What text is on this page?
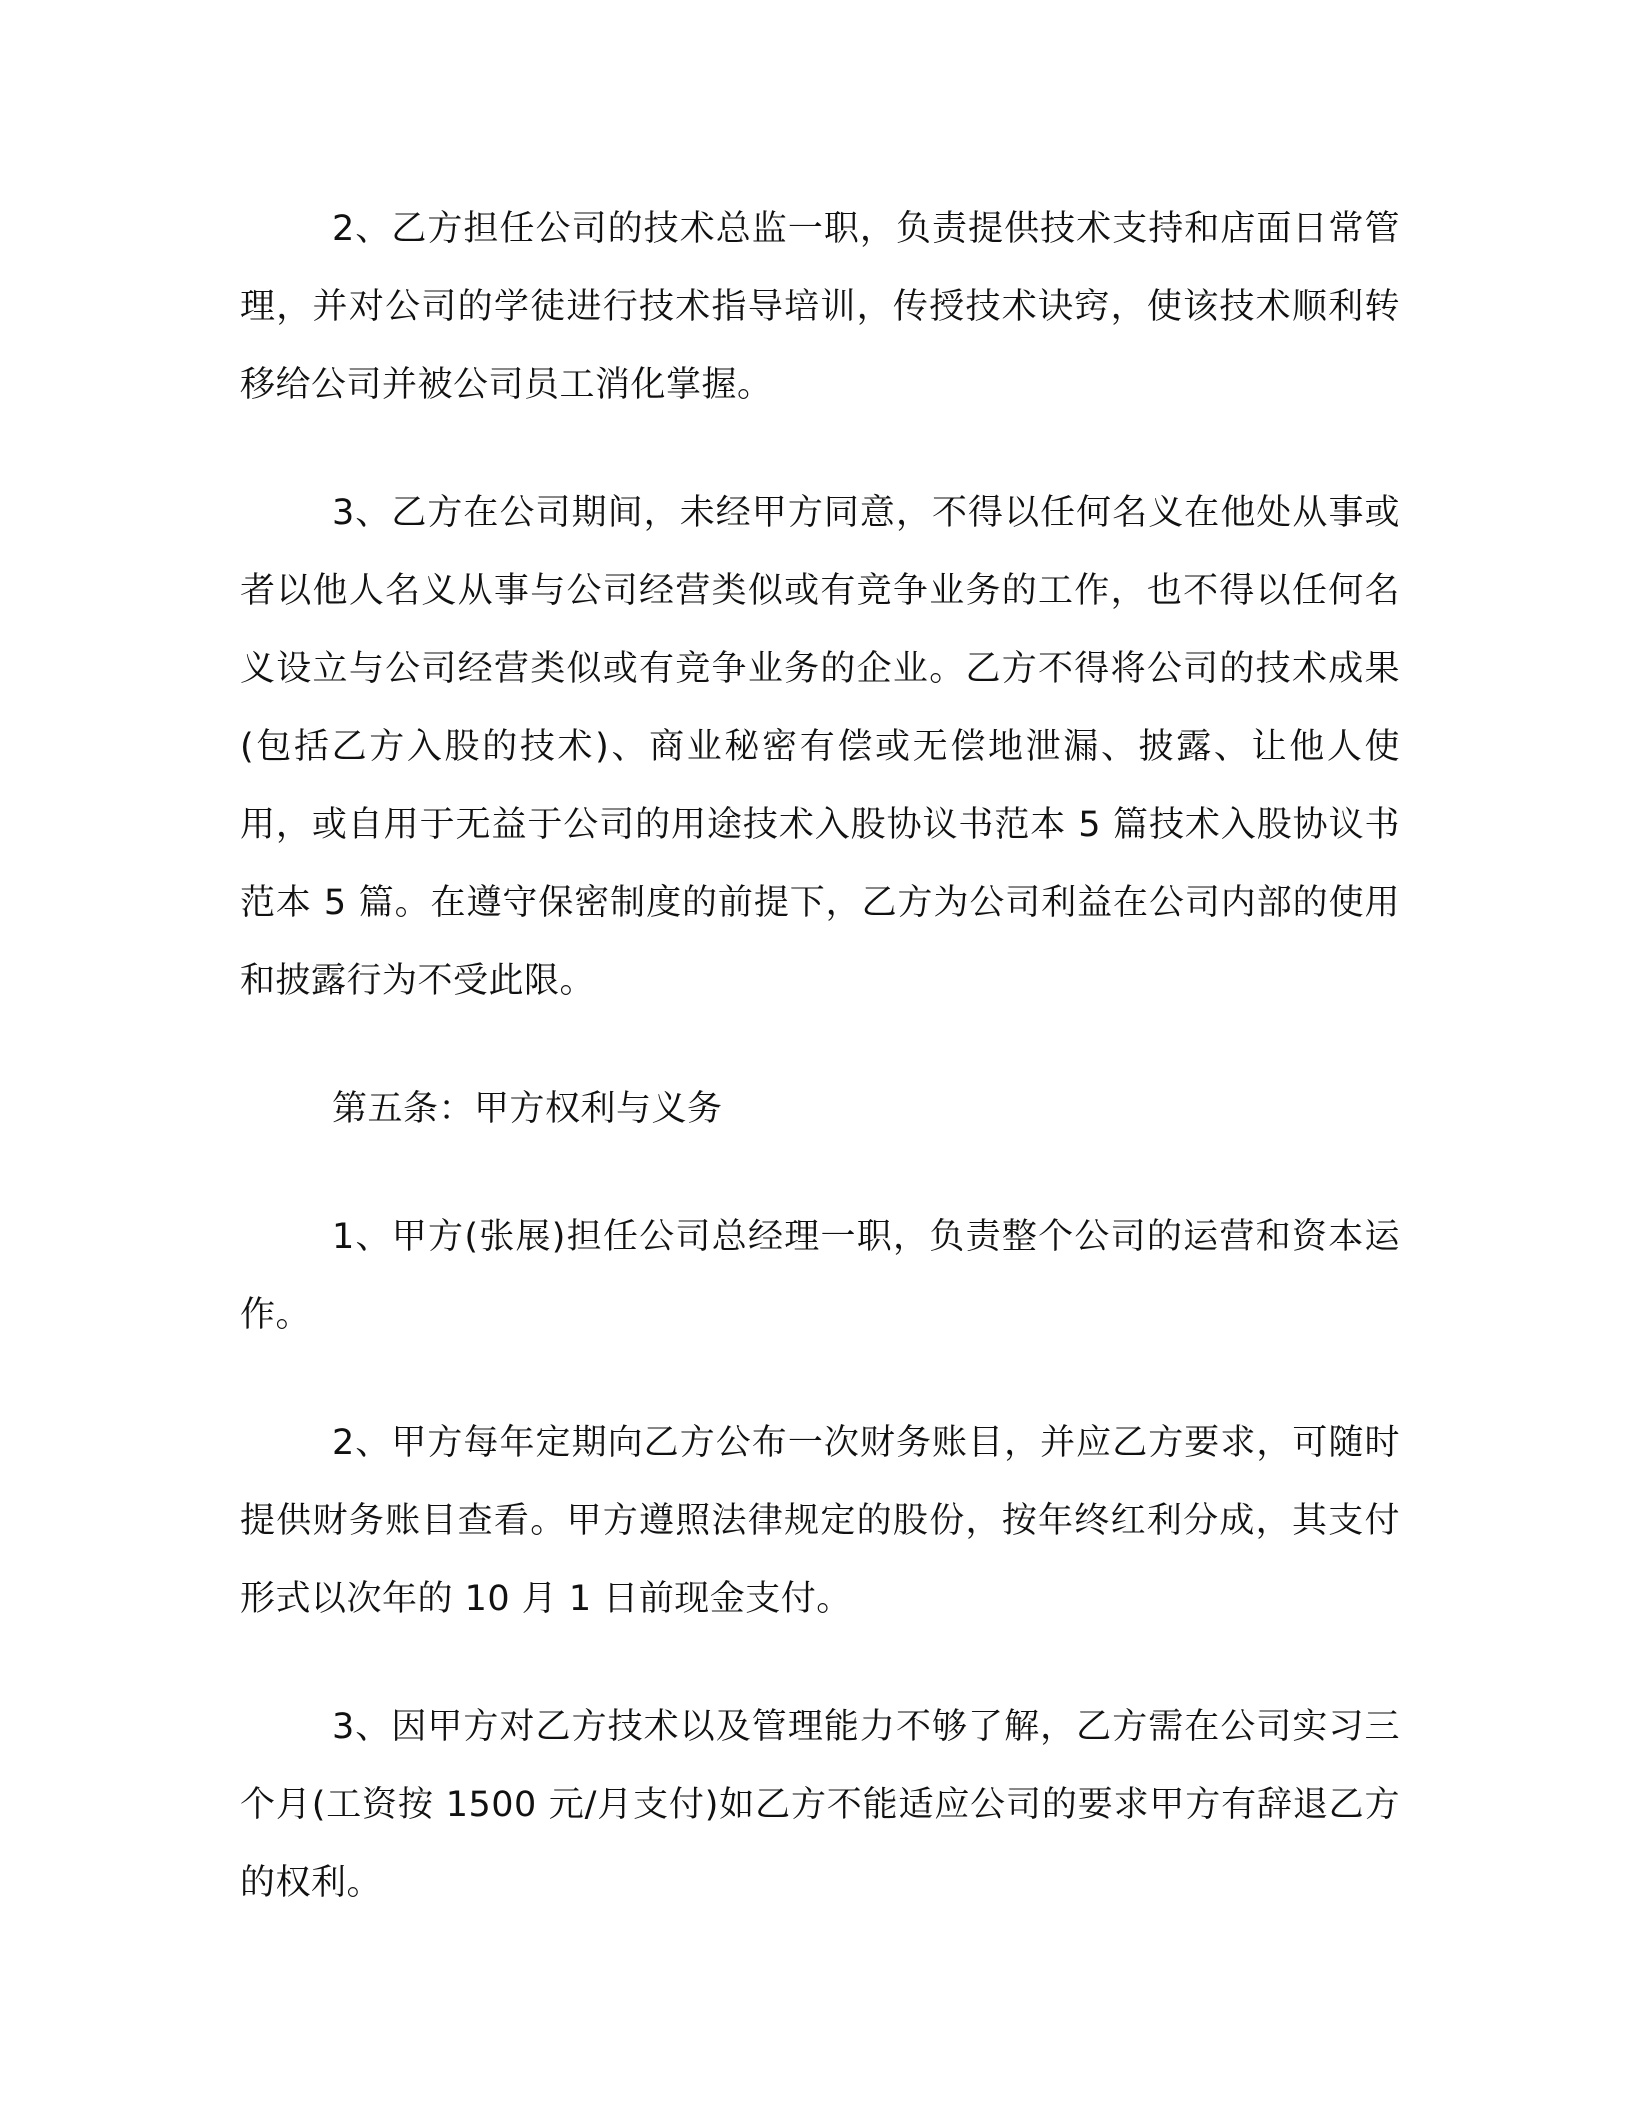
2、乙方担任公司的技术总监一职，负责提供技术支持和店面日常管理，并对公司的学徒进行技术指导培训，传授技术诀窍，使该技术顺利转移给公司并被公司员工消化掌握。

3、乙方在公司期间，未经甲方同意，不得以任何名义在他处从事或者以他人名义从事与公司经营类似或有竞争业务的工作，也不得以任何名义设立与公司经营类似或有竞争业务的企业。乙方不得将公司的技术成果(包括乙方入股的技术)、商业秘密有偿或无偿地泄漏、披露、让他人使用，或自用于无益于公司的用途技术入股协议书范本 5 篇技术入股协议书范本 5 篇。在遵守保密制度的前提下，乙方为公司利益在公司内部的使用和披露行为不受此限。

第五条：甲方权利与义务

1、甲方(张展)担任公司总经理一职，负责整个公司的运营和资本运作。

2、甲方每年定期向乙方公布一次财务账目，并应乙方要求，可随时提供财务账目查看。甲方遵照法律规定的股份，按年终红利分成，其支付形式以次年的 10 月 1 日前现金支付。

3、因甲方对乙方技术以及管理能力不够了解，乙方需在公司实习三个月(工资按 1500 元/月支付)如乙方不能适应公司的要求甲方有辞退乙方的权利。
